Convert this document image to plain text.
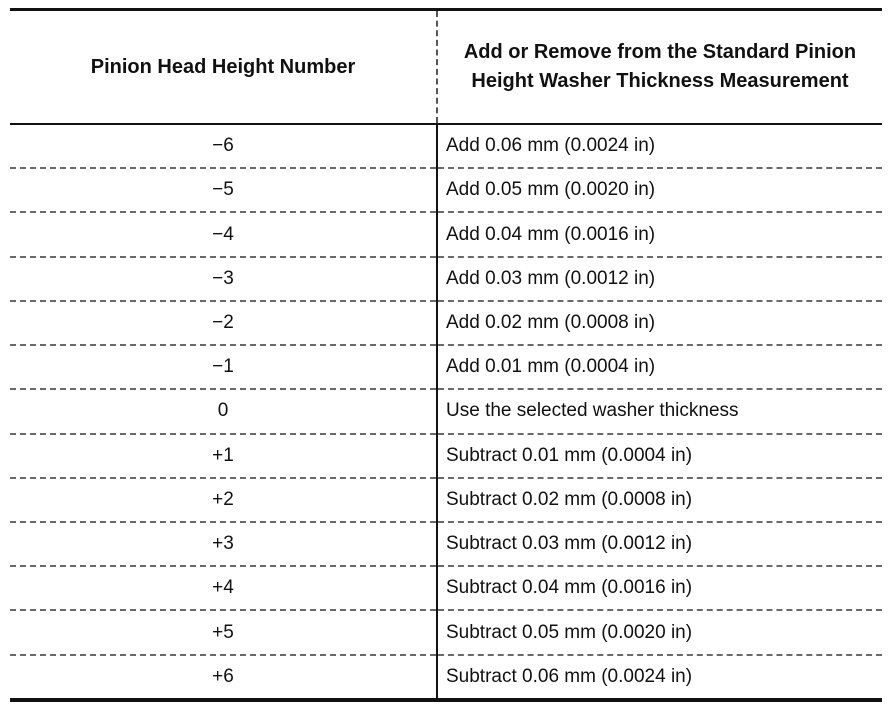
Pinion Head Height Number	Add or Remove from the Standard Pinion Height Washer Thickness Measurement
−6	Add 0.06 mm (0.0024 in)
−5	Add 0.05 mm (0.0020 in)
−4	Add 0.04 mm (0.0016 in)
−3	Add 0.03 mm (0.0012 in)
−2	Add 0.02 mm (0.0008 in)
−1	Add 0.01 mm (0.0004 in)
0	Use the selected washer thickness
+1	Subtract 0.01 mm (0.0004 in)
+2	Subtract 0.02 mm (0.0008 in)
+3	Subtract 0.03 mm (0.0012 in)
+4	Subtract 0.04 mm (0.0016 in)
+5	Subtract 0.05 mm (0.0020 in)
+6	Subtract 0.06 mm (0.0024 in)
